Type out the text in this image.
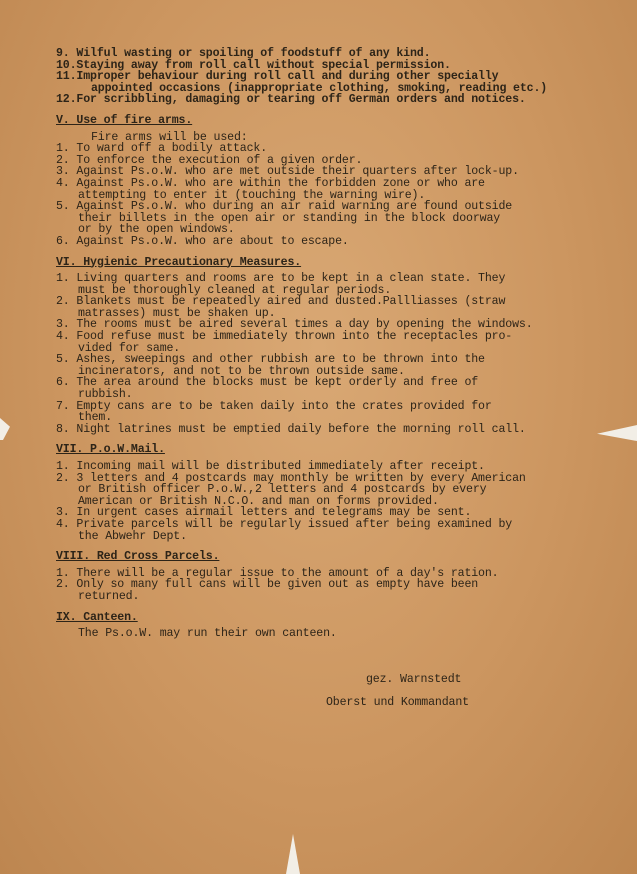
9. Wilful wasting or spoiling of foodstuff of any kind.
10.Staying away from roll call without special permission.
11.Improper behaviour during roll call and during other specially
appointed occasions (inappropriate clothing, smoking, reading etc.)
12.For scribbling, damaging or tearing off German orders and notices.
V. Use of fire arms.
Fire arms will be used:
1. To ward off a bodily attack.
2. To enforce the execution of a given order.
3. Against Ps.o.W. who are met outside their quarters after lock-up.
4. Against Ps.o.W. who are within the forbidden zone or who are
attempting to enter it (touching the warning wire).
5. Against Ps.o.W. who during an air raid warning are found outside
their billets in the open air or standing in the block doorway
or by the open windows.
6. Against Ps.o.W. who are about to escape.
VI. Hygienic Precautionary Measures.
1. Living quarters and rooms are to be kept in a clean state. They
must be thoroughly cleaned at regular periods.
2. Blankets must be repeatedly aired and dusted.Pallliasses (straw
matrasses) must be shaken up.
3. The rooms must be aired several times a day by opening the windows.
4. Food refuse must be immediately thrown into the receptacles pro-
vided for same.
5. Ashes, sweepings and other rubbish are to be thrown into the
incinerators, and not to be thrown outside same.
6. The area around the blocks must be kept orderly and free of
rubbish.
7. Empty cans are to be taken daily into the crates provided for
them.
8. Night latrines must be emptied daily before the morning roll call.
VII. P.o.W.Mail.
1. Incoming mail will be distributed immediately after receipt.
2. 3 letters and 4 postcards may monthly be written by every American
or British officer P.o.W.,2 letters and 4 postcards by every
American or British N.C.O. and man on forms provided.
3. In urgent cases airmail letters and telegrams may be sent.
4. Private parcels will be regularly issued after being examined by
the Abwehr Dept.
VIII. Red Cross Parcels.
1. There will be a regular issue to the amount of a day's ration.
2. Only so many full cans will be given out as empty have been
returned.
IX. Canteen.
The Ps.o.W. may run their own canteen.
gez. Warnstedt
Oberst und Kommandant
